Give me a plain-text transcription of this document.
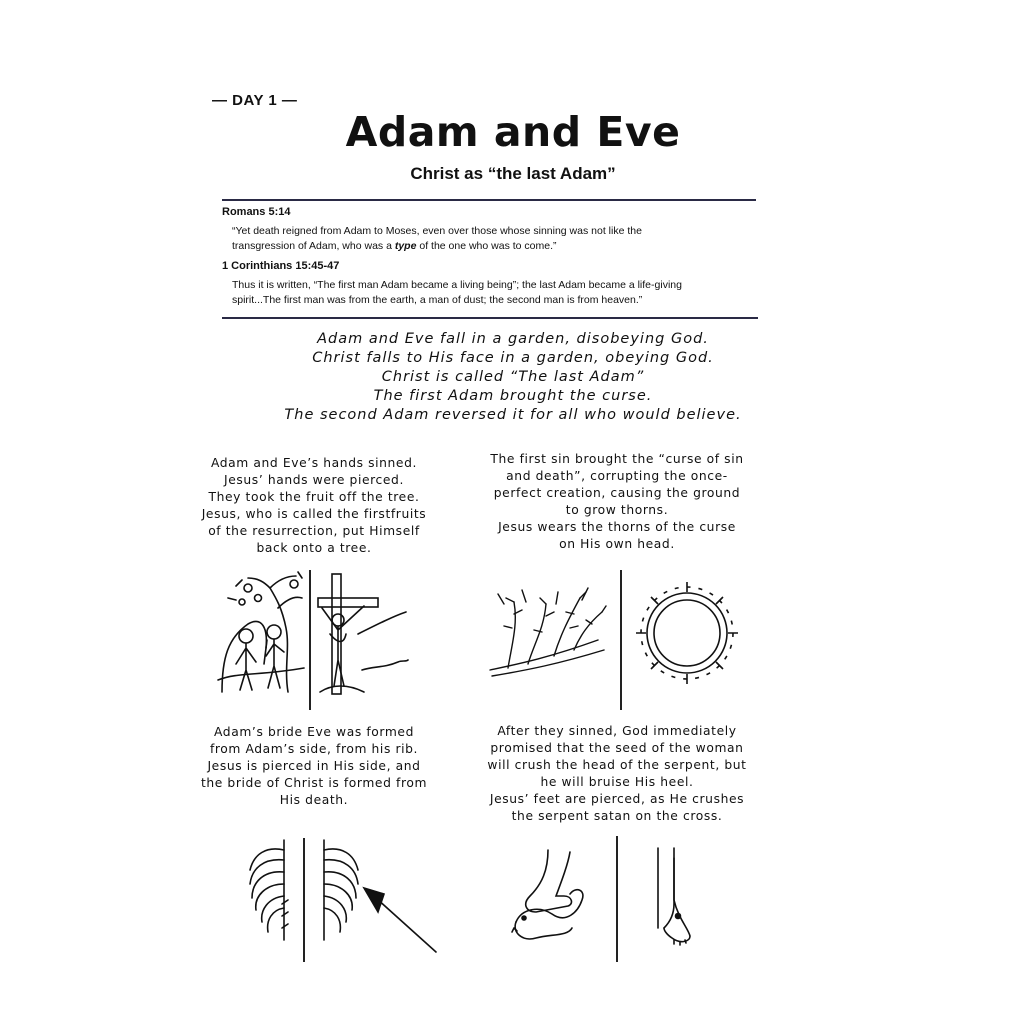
— DAY 1 —
Adam and Eve
Christ as “the last Adam”
Romans 5:14
“Yet death reigned from Adam to Moses, even over those whose sinning was not like the
transgression of Adam, who was a type of the one who was to come.”
1 Corinthians 15:45-47
Thus it is written, “The first man Adam became a living being”; the last Adam became a life-giving
spirit...The first man was from the earth, a man of dust; the second man is from heaven.”
Adam and Eve fall in a garden, disobeying God.
Christ falls to His face in a garden, obeying God.
Christ is called “The last Adam”
The first Adam brought the curse.
The second Adam reversed it for all who would believe.
Adam and Eve’s hands sinned.
Jesus’ hands were pierced.
They took the fruit off the tree.
Jesus, who is called the firstfruits
of the resurrection, put Himself
back onto a tree.
The first sin brought the “curse of sin
and death”, corrupting the once-
perfect creation, causing the ground
to grow thorns.
Jesus wears the thorns of the curse
on His own head.
Adam’s bride Eve was formed
from Adam’s side, from his rib.
Jesus is pierced in His side, and
the bride of Christ is formed from
His death.
After they sinned, God immediately
promised that the seed of the woman
will crush the head of the serpent, but
he will bruise His heel.
Jesus’ feet are pierced, as He crushes
the serpent satan on the cross.
